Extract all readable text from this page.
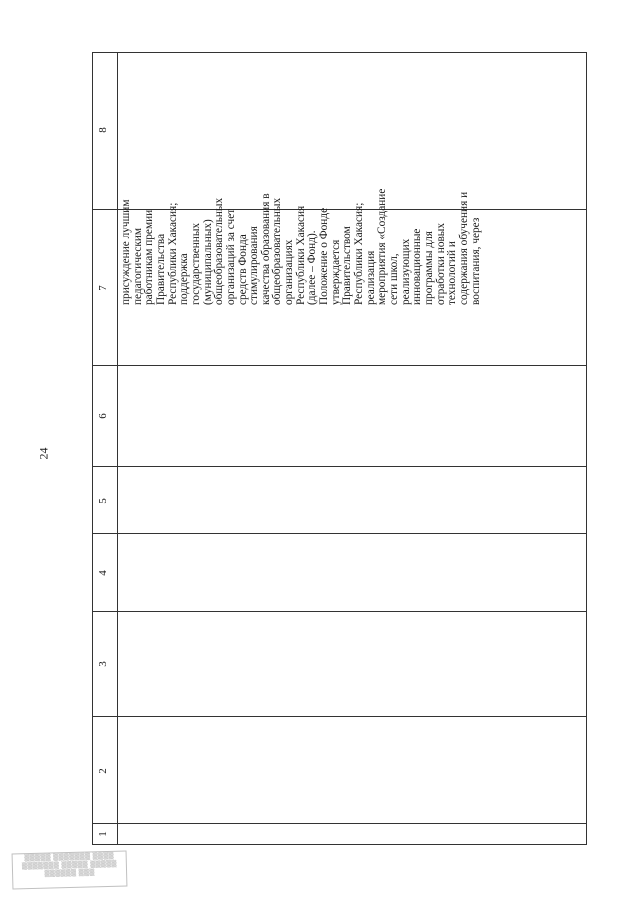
24
1
2
3
4
5
6
7
8
присуждение лучшим педагогическим работникам премии Правительства Республики Хакасия; поддержка государственных (муниципальных) общеобразовательных организаций за счет средств Фонда стимулирования качества образования в общеобразовательных организациях Республики Хакасия (далее – Фонд). Положение о Фонде утверждается Правительством Республики Хакасия; реализация мероприятия «Создание сети школ, реализующих инновационные программы для отработки новых технологий и содержания обучения и воспитания, через
▒▒▒▒▒ ▒▒▒▒▒▒▒ ▒▒▒▒
▒▒▒▒▒▒▒ ▒▒▒▒▒ ▒▒▒▒▒
▒▒▒▒▒▒ ▒▒▒
